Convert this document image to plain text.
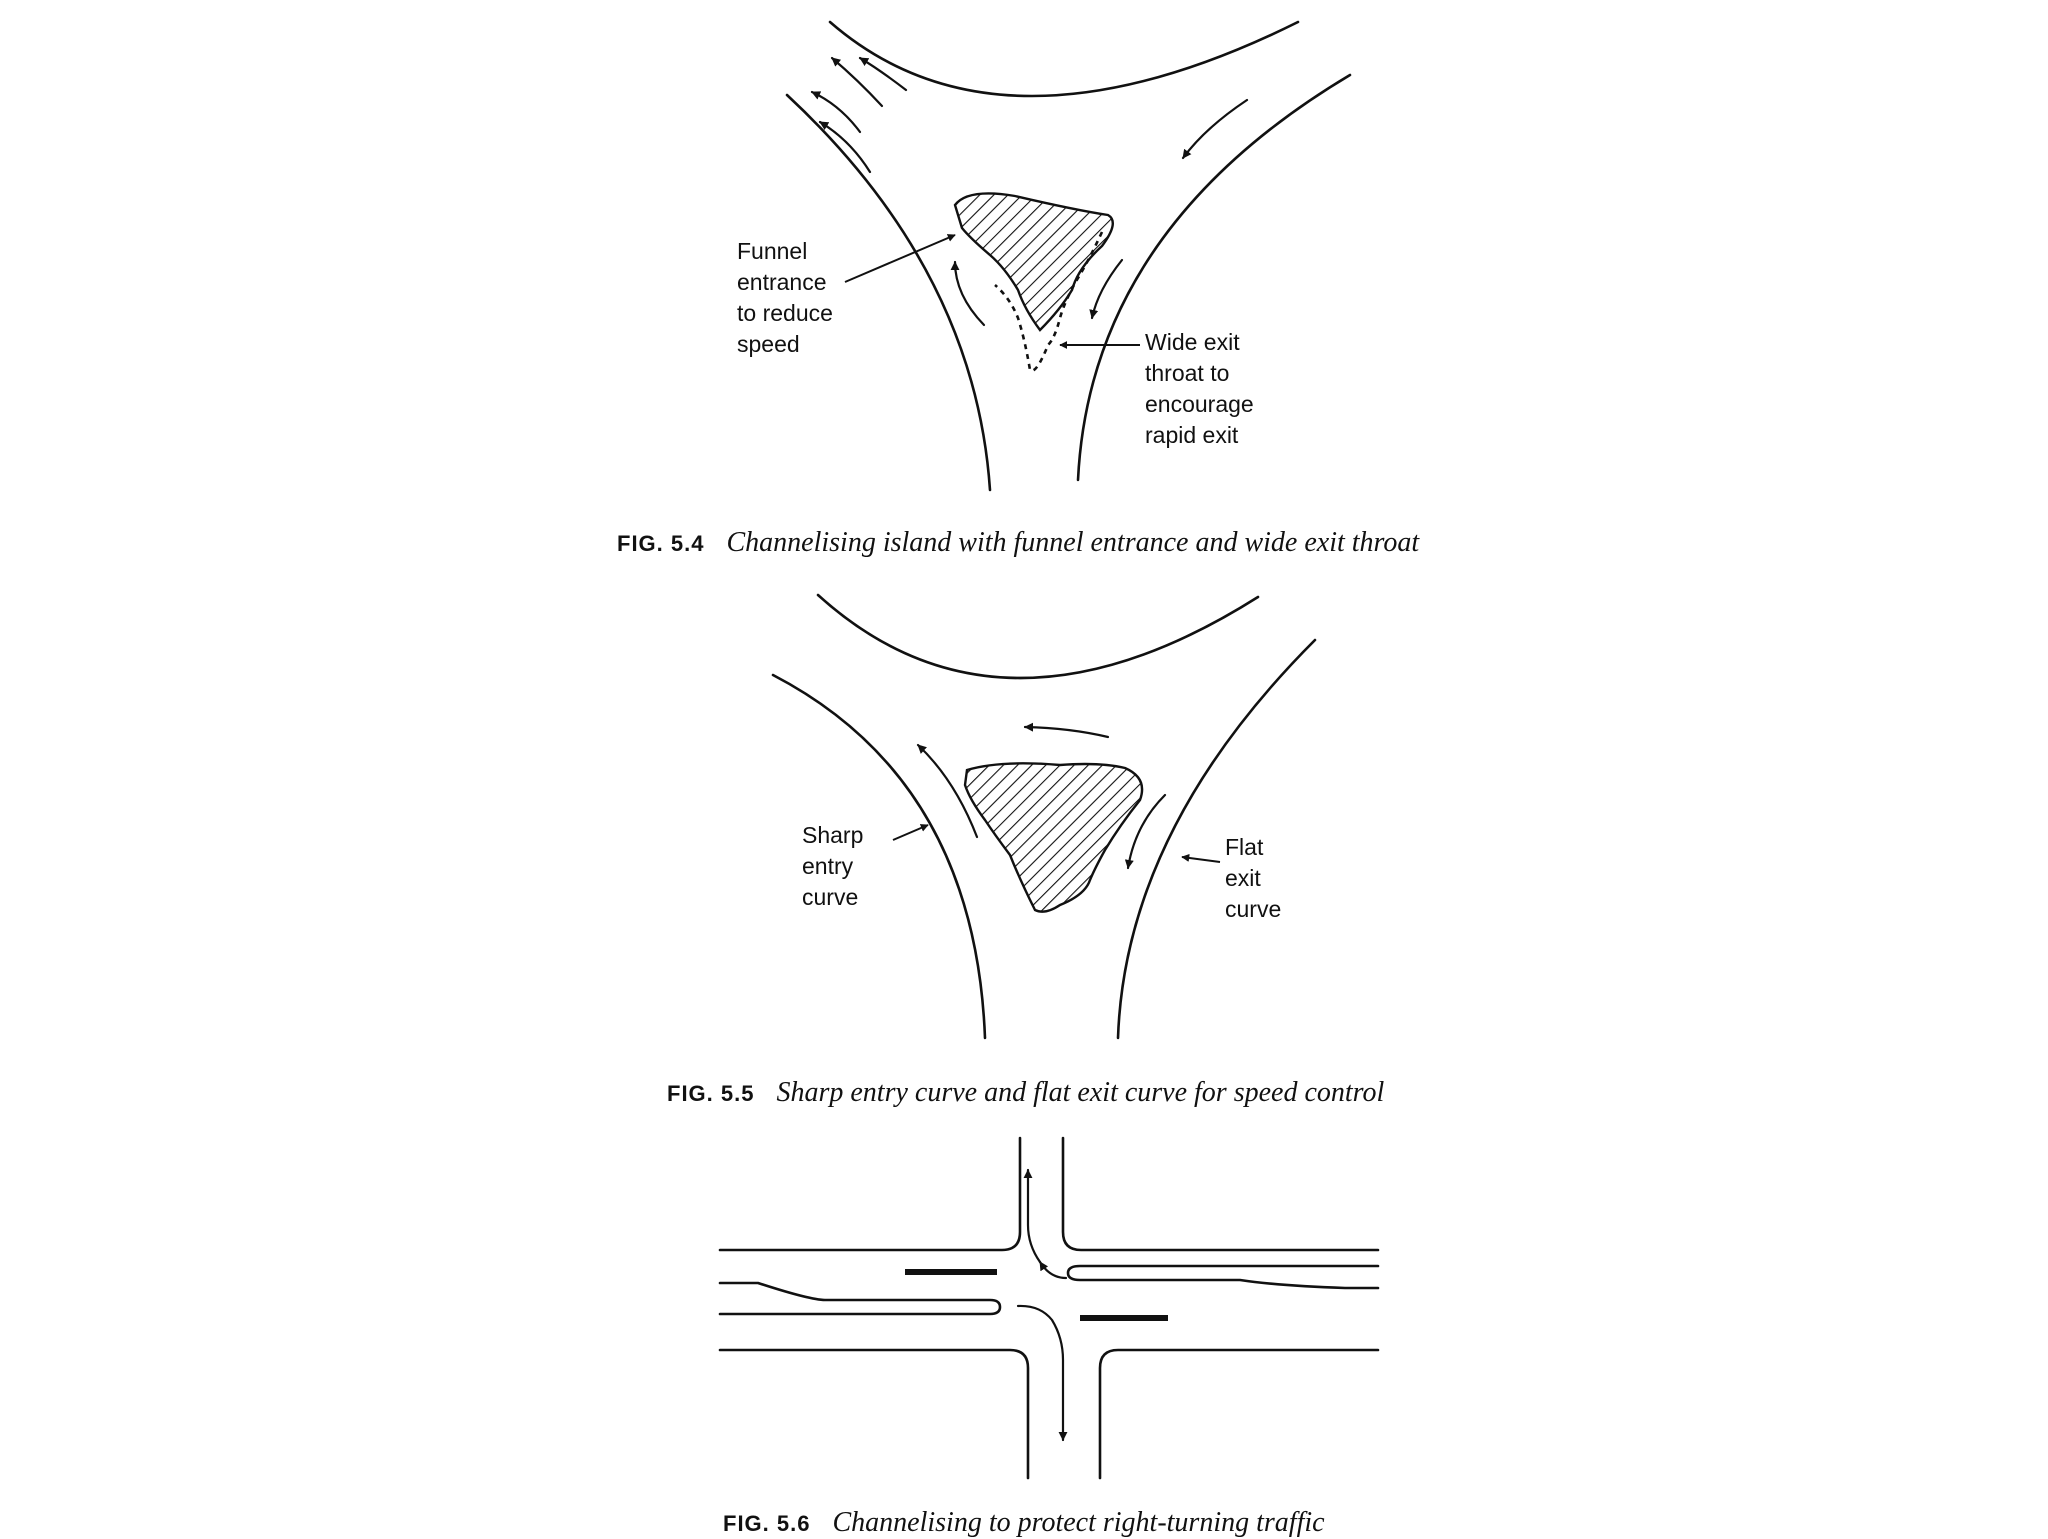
Funnel
entrance
to reduce
speed	Wide exit
throat to
encourage
rapid exit
FIG. 5.4 Channelising island with funnel entrance and wide exit throat
Sharp
entry
curve
Flat
exit
curve
FIG. 5.5 Sharp entry curve and flat exit curve for speed control
FIG. 5.6 Channelising to protect right-turning traffic
